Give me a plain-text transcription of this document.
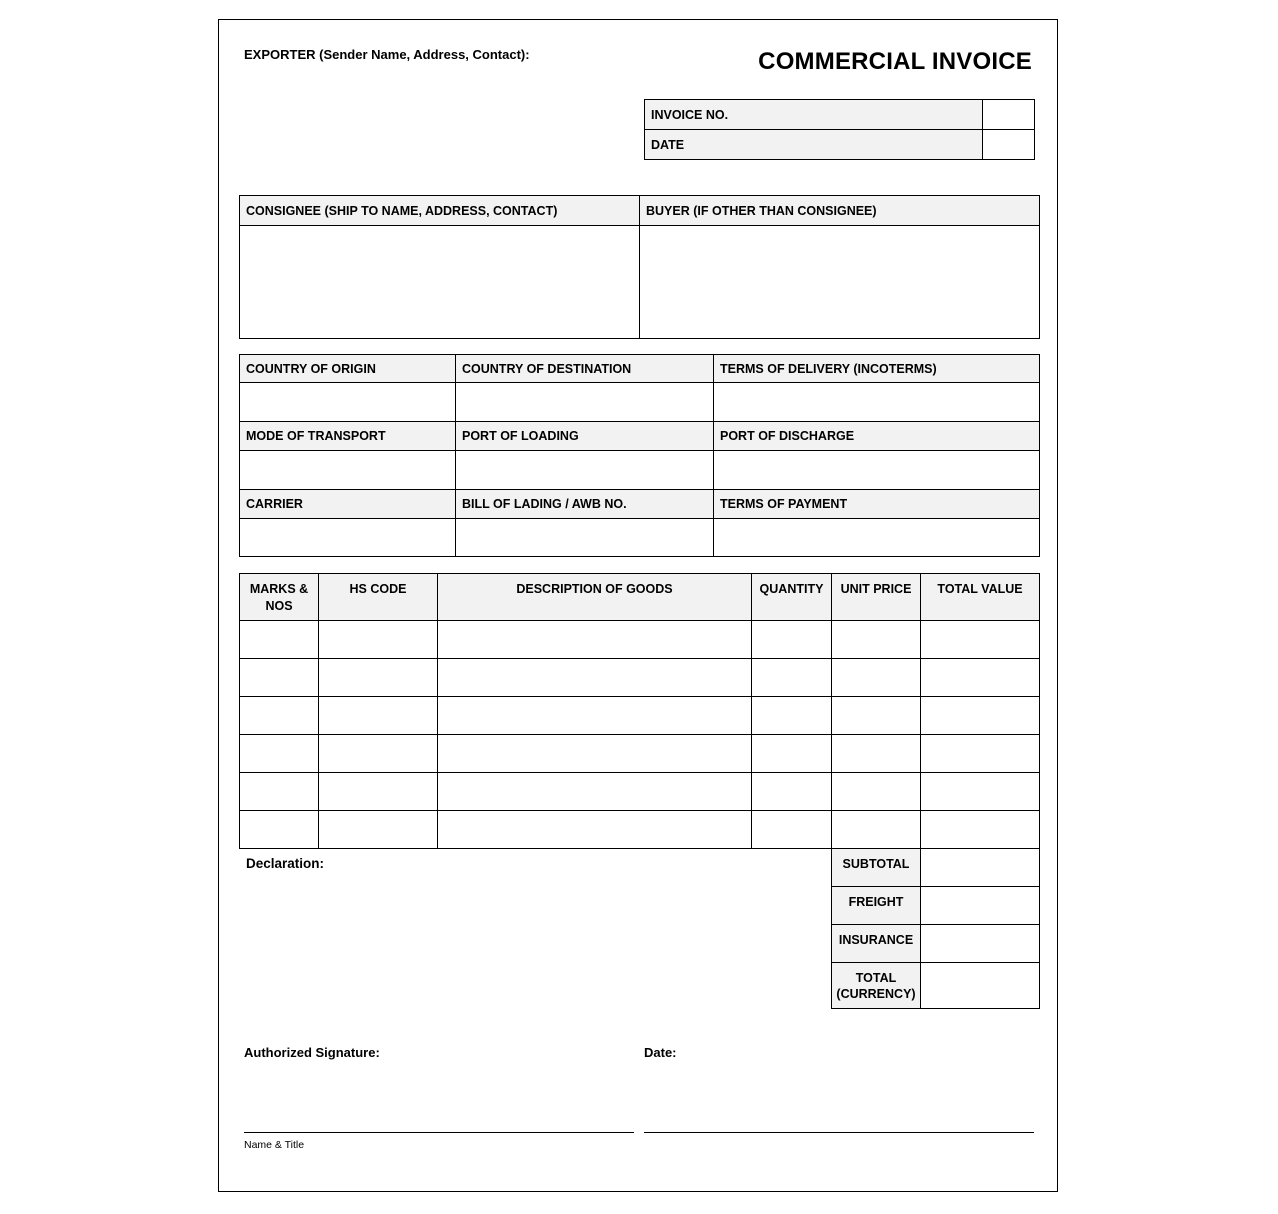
EXPORTER (Sender Name, Address, Contact):	COMMERCIAL INVOICE
INVOICE NO.	
DATE	
CONSIGNEE (SHIP TO NAME, ADDRESS, CONTACT)	BUYER (IF OTHER THAN CONSIGNEE)

COUNTRY OF ORIGIN	COUNTRY OF DESTINATION	TERMS OF DELIVERY (INCOTERMS)

MODE OF TRANSPORT	PORT OF LOADING	PORT OF DISCHARGE

CARRIER	BILL OF LADING / AWB NO.	TERMS OF PAYMENT

MARKS & NOS	HS CODE	DESCRIPTION OF GOODS	QUANTITY	UNIT PRICE	TOTAL VALUE

Declaration:	SUBTOTAL	
FREIGHT	
INSURANCE	
TOTAL (CURRENCY)	
Authorized Signature:	Date:
Name & Title
